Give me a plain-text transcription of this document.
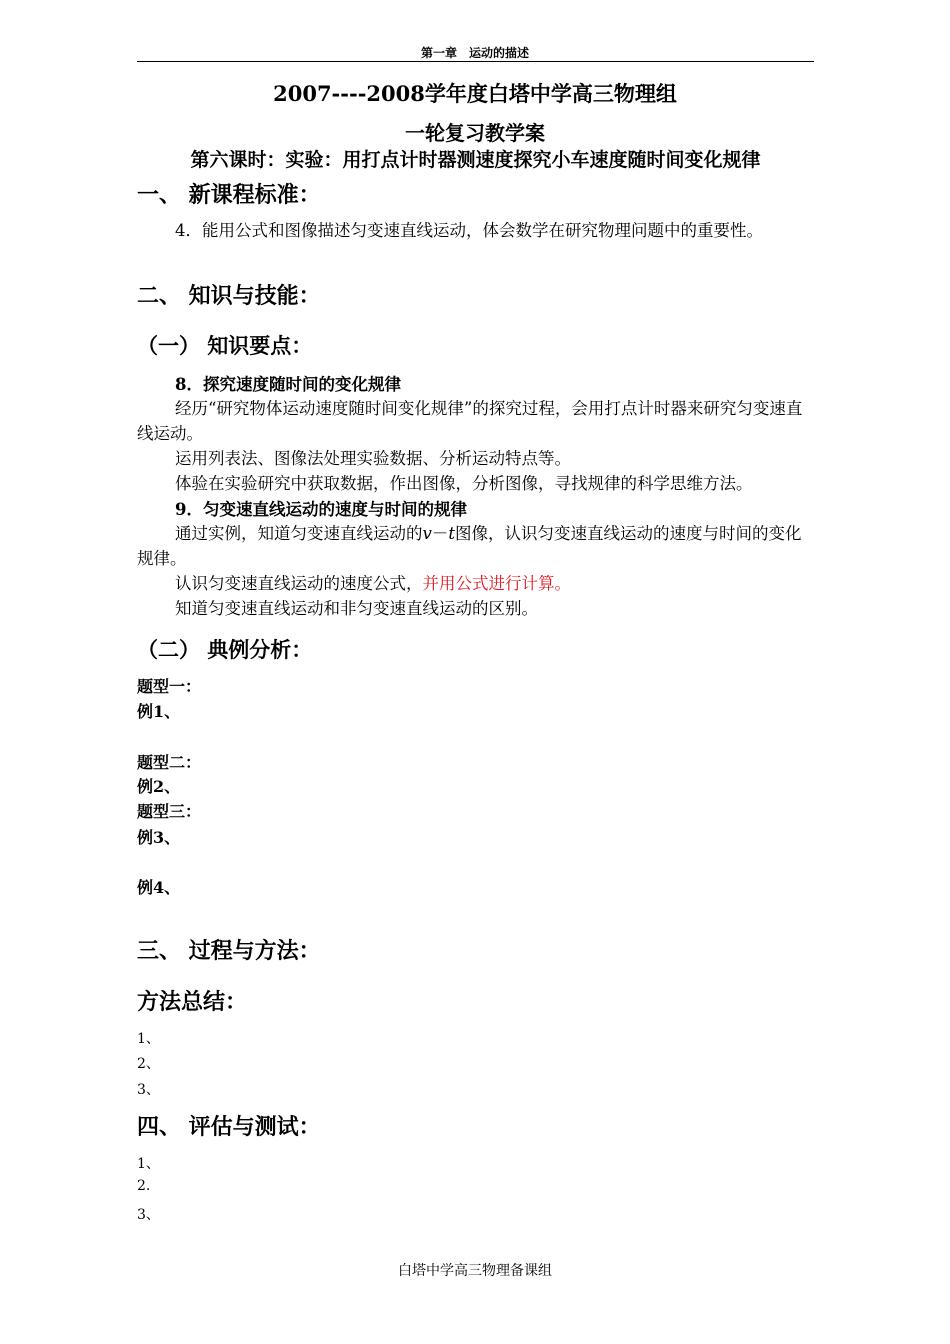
第一章　运动的描述
2007----2008学年度白塔中学高三物理组
一轮复习教学案
第六课时：实验：用打点计时器测速度探究小车速度随时间变化规律
一、 新课程标准：
4．能用公式和图像描述匀变速直线运动，体会数学在研究物理问题中的重要性。
二、 知识与技能：
（一） 知识要点：
8．探究速度随时间的变化规律
经历“研究物体运动速度随时间变化规律”的探究过程，会用打点计时器来研究匀变速直线运动。
运用列表法、图像法处理实验数据、分析运动特点等。
体验在实验研究中获取数据，作出图像，分析图像，寻找规律的科学思维方法。
9．匀变速直线运动的速度与时间的规律
通过实例，知道匀变速直线运动的v－t图像，认识匀变速直线运动的速度与时间的变化规律。
认识匀变速直线运动的速度公式，并用公式进行计算。
知道匀变速直线运动和非匀变速直线运动的区别。
（二） 典例分析：
题型一：
例1、
题型二：
例2、
题型三：
例3、
例4、
三、 过程与方法：
方法总结：
1、
2、
3、
四、 评估与测试：
1、
2.
3、
白塔中学高三物理备课组
